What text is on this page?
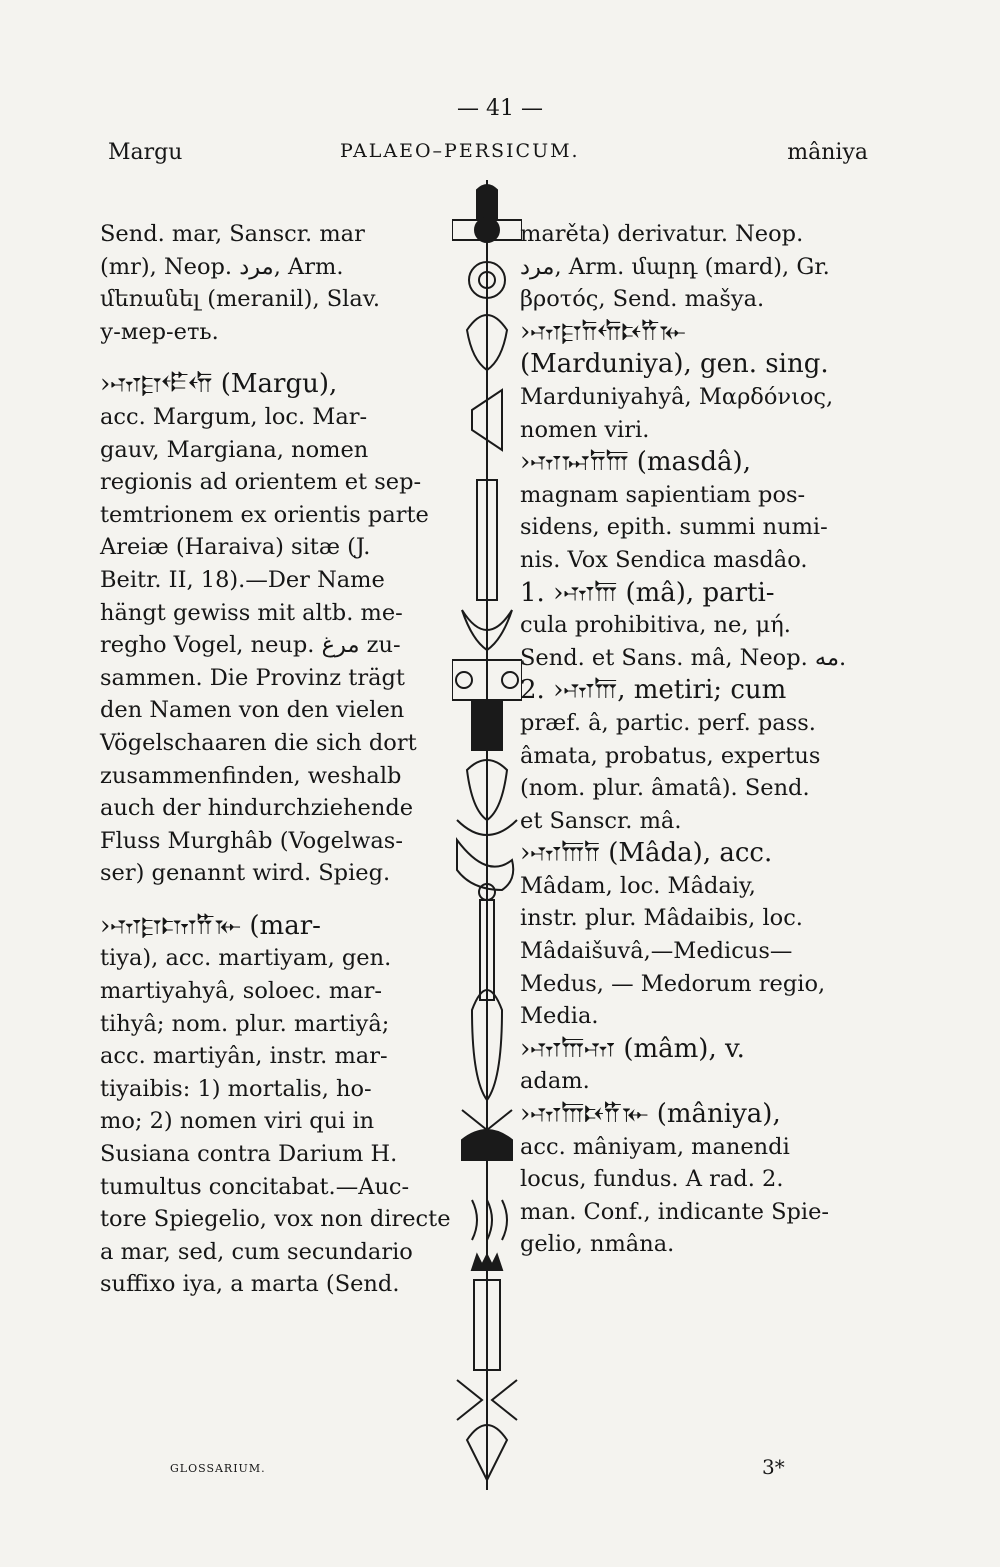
— 41 —
Margu	PALAEO–PERSICUM.	mâniya
Send. mar, Sanscr. mar
(mr), Neop. مرد, Arm.
մեռանել (meranil), Slav.
у-мер-еть.
›𐎶𐎼𐎦𐎢 (Margu),
acc. Margum, loc. Mar-
gauv, Margiana, nomen
regionis ad orientem et sep-
temtrionem ex orientis parte
Areiæ (Haraiva) sitæ (J.
Beitr. II, 18).—Der Name
hängt gewiss mit altb. me-
regho Vogel, neup. مرغ zu-
sammen. Die Provinz trägt
den Namen von den vielen
Vögelschaaren die sich dort
zusammenfinden, weshalb
auch der hindurchziehende
Fluss Murghâb (Vogelwas-
ser) genannt wird. Spieg.
›𐎶𐎼𐎫𐎡𐎹 (mar-
tiya), acc. martiyam, gen.
martiyahyâ, soloec. mar-
tihyâ; nom. plur. martiyâ;
acc. martiyân, instr. mar-
tiyaibis: 1) mortalis, ho-
mo; 2) nomen viri qui in
Susiana contra Darium H.
tumultus concitabat.—Auc-
tore Spiegelio, vox non directe
a mar, sed, cum secundario
suffixo iya, a marta (Send.
marěta) derivatur. Neop.
مرد, Arm. մարդ (mard), Gr.
βροτός, Send. mašya.
›𐎶𐎼𐎭𐎢𐎴𐎡𐎹
(Marduniya), gen. sing.
Marduniyahyâ, Μαρδόνιος,
nomen viri.
›𐎶𐏀𐎭𐎠 (masdâ),
magnam sapientiam pos-
sidens, epith. summi numi-
nis. Vox Sendica masdâo.
1. ›𐎶𐎠 (mâ), parti-
cula prohibitiva, ne, μή.
Send. et Sans. mâ, Neop. مه.
2. ›𐎶𐎠, metiri; cum
præf. â, partic. perf. pass.
âmata, probatus, expertus
(nom. plur. âmatâ). Send.
et Sanscr. mâ.
›𐎶𐎠𐎭 (Mâda), acc.
Mâdam, loc. Mâdaiy,
instr. plur. Mâdaibis, loc.
Mâdaišuvâ,—Medicus—
Medus, — Medorum regio,
Media.
›𐎶𐎠𐎶 (mâm), v.
adam.
›𐎶𐎠𐎴𐎡𐎹 (mâniya),
acc. mâniyam, manendi
locus, fundus. A rad. 2.
man. Conf., indicante Spie-
gelio, nmâna.
GLOSSARIUM.	3*
